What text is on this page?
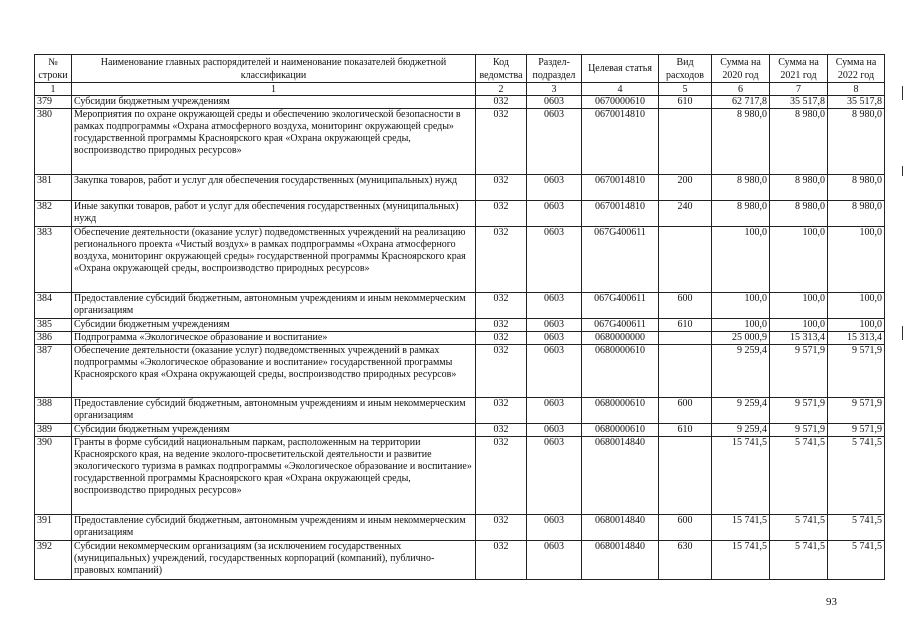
№ строки	Наименование главных распорядителей и наименование показателей бюджетной классификации	Код ведомства	Раздел-подраздел	Целевая статья	Вид расходов	Сумма на 2020 год	Сумма на 2021 год	Сумма на 2022 год
1	1	2	3	4	5	6	7	8
379	Субсидии бюджетным учреждениям	032	0603	0670000610	610	62 717,8	35 517,8	35 517,8
380	Мероприятия по охране окружающей среды и обеспечению экологической безопасности в рамках подпрограммы «Охрана атмосферного воздуха, мониторинг окружающей среды» государственной программы Красноярского края «Охрана окружающей среды, воспроизводство природных ресурсов»	032	0603	0670014810		8 980,0	8 980,0	8 980,0
381	Закупка товаров, работ и услуг для обеспечения государственных (муниципальных) нужд	032	0603	0670014810	200	8 980,0	8 980,0	8 980,0
382	Иные закупки товаров, работ и услуг для обеспечения государственных (муниципальных) нужд	032	0603	0670014810	240	8 980,0	8 980,0	8 980,0
383	Обеспечение деятельности (оказание услуг) подведомственных учреждений на реализацию регионального проекта «Чистый воздух» в рамках подпрограммы «Охрана атмосферного воздуха, мониторинг окружающей среды» государственной программы Красноярского края «Охрана окружающей среды, воспроизводство природных ресурсов»	032	0603	067G400611		100,0	100,0	100,0
384	Предоставление субсидий бюджетным, автономным учреждениям и иным некоммерческим организациям	032	0603	067G400611	600	100,0	100,0	100,0
385	Субсидии бюджетным учреждениям	032	0603	067G400611	610	100,0	100,0	100,0
386	Подпрограмма «Экологическое образование и воспитание»	032	0603	0680000000		25 000,9	15 313,4	15 313,4
387	Обеспечение деятельности (оказание услуг) подведомственных учреждений в рамках подпрограммы «Экологическое образование и воспитание» государственной программы Красноярского края «Охрана окружающей среды, воспроизводство природных ресурсов»	032	0603	0680000610		9 259,4	9 571,9	9 571,9
388	Предоставление субсидий бюджетным, автономным учреждениям и иным некоммерческим организациям	032	0603	0680000610	600	9 259,4	9 571,9	9 571,9
389	Субсидии бюджетным учреждениям	032	0603	0680000610	610	9 259,4	9 571,9	9 571,9
390	Гранты в форме субсидий национальным паркам, расположенным на территории Красноярского края, на ведение эколого-просветительской деятельности и развитие экологического туризма в рамках подпрограммы «Экологическое образование и воспитание» государственной программы Красноярского края «Охрана окружающей среды, воспроизводство природных ресурсов»	032	0603	0680014840		15 741,5	5 741,5	5 741,5
391	Предоставление субсидий бюджетным, автономным учреждениям и иным некоммерческим организациям	032	0603	0680014840	600	15 741,5	5 741,5	5 741,5
392	Субсидии некоммерческим организациям (за исключением государственных (муниципальных) учреждений, государственных корпораций (компаний), публично-правовых компаний)	032	0603	0680014840	630	15 741,5	5 741,5	5 741,5
93
